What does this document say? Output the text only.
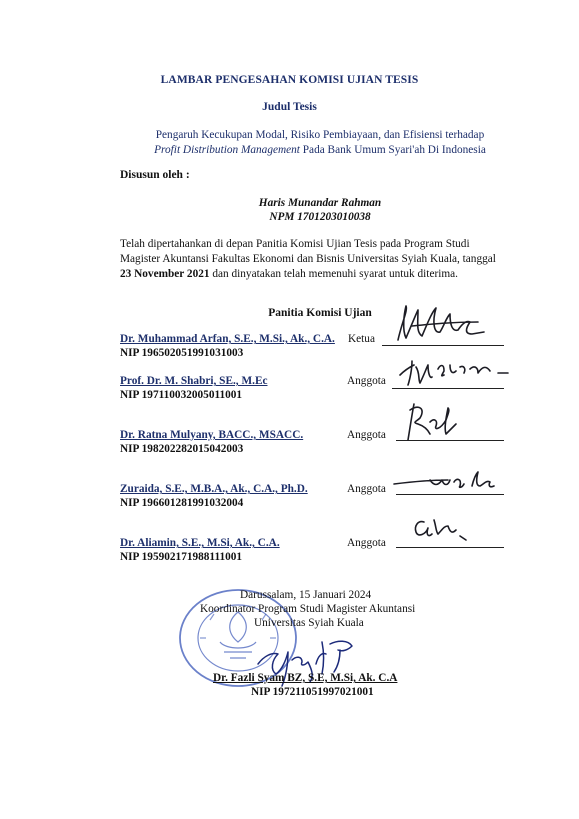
LAMBAR PENGESAHAN KOMISI UJIAN TESIS
Judul Tesis
Pengaruh Kecukupan Modal, Risiko Pembiayaan, dan Efisiensi terhadap Profit Distribution Management Pada Bank Umum Syari'ah Di Indonesia
Disusun oleh :
Haris Munandar Rahman
NPM 1701203010038
Telah dipertahankan di depan Panitia Komisi Ujian Tesis pada Program Studi Magister Akuntansi Fakultas Ekonomi dan Bisnis Universitas Syiah Kuala, tanggal 23 November 2021 dan dinyatakan telah memenuhi syarat untuk diterima.
Panitia Komisi Ujian
Dr. Muhammad Arfan, S.E., M.Si., Ak., C.A. Ketua
NIP 196502051991031003
Prof. Dr. M. Shabri, SE., M.Ec	Anggota
NIP 197110032005011001
Dr. Ratna Mulyany, BACC., MSACC.	Anggota
NIP 198202282015042003
Zuraida, S.E., M.B.A., Ak., C.A., Ph.D.	Anggota
NIP 196601281991032004
Dr. Aliamin, S.E., M.Si, Ak., C.A.	Anggota
NIP 195902171988111001
Darussalam, 15 Januari 2024
Koordinator Program Studi Magister Akuntansi
Universitas Syiah Kuala
Dr. Fazli Syam BZ, S.E, M.Si, Ak. C.A
NIP 197211051997021001
